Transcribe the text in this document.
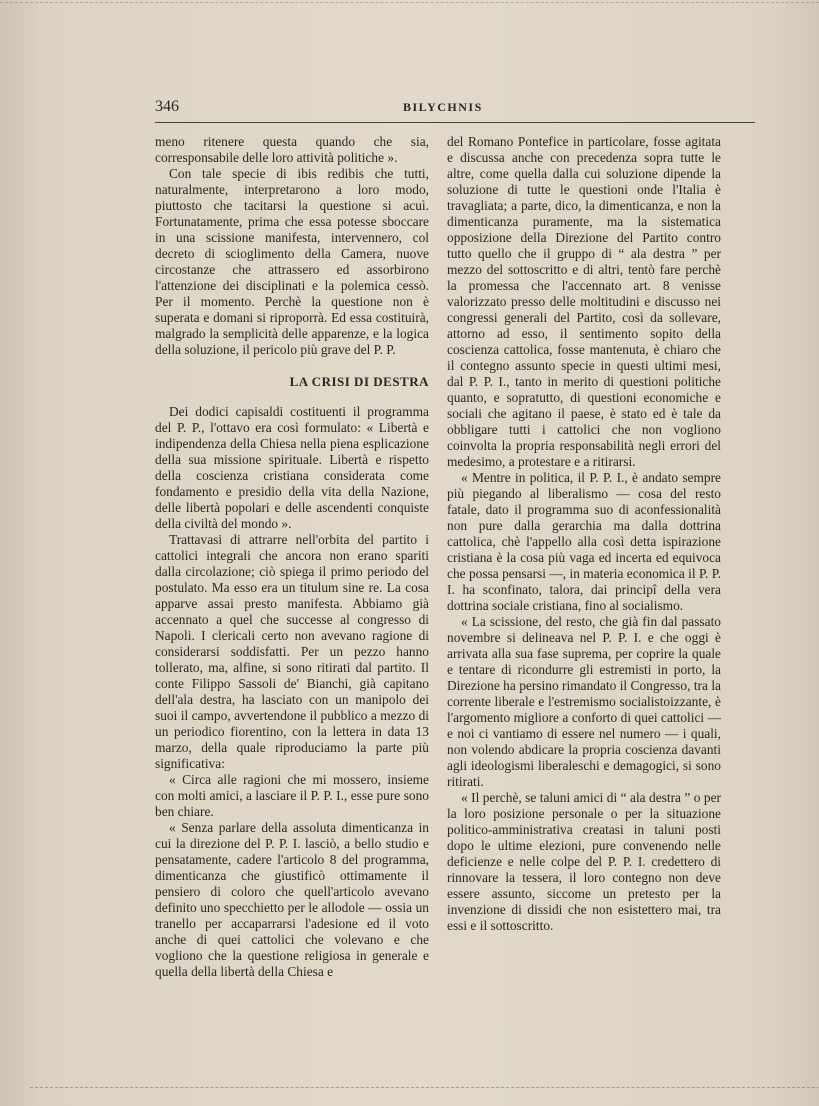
346	BILYCHNIS

meno ritenere questa quando che sia, corresponsabile delle loro attività politiche ».

Con tale specie di ibis redibis che tutti, naturalmente, interpretarono a loro modo, piuttosto che tacitarsi la questione si acuì. Fortunatamente, prima che essa potesse sboccare in una scissione manifesta, intervennero, col decreto di scioglimento della Camera, nuove circostanze che attrassero ed assorbirono l'attenzione dei disciplinati e la polemica cessò. Per il momento. Perchè la questione non è superata e domani si riproporrà. Ed essa costituirà, malgrado la semplicità delle apparenze, e la logica della soluzione, il pericolo più grave del P. P.

LA CRISI DI DESTRA

Dei dodici capisaldi costituenti il programma del P. P., l'ottavo era così formulato: « Libertà e indipendenza della Chiesa nella piena esplicazione della sua missione spirituale. Libertà e rispetto della coscienza cristiana considerata come fondamento e presidio della vita della Nazione, delle libertà popolari e delle ascendenti conquiste della civiltà del mondo ».

Trattavasi di attrarre nell'orbita del partito i cattolici integrali che ancora non erano spariti dalla circolazione; ciò spiega il primo periodo del postulato. Ma esso era un titulum sine re. La cosa apparve assai presto manifesta. Abbiamo già accennato a quel che successe al congresso di Napoli. I clericali certo non avevano ragione di considerarsi soddisfatti. Per un pezzo hanno tollerato, ma, alfine, si sono ritirati dal partito. Il conte Filippo Sassoli de' Bianchi, già capitano dell'ala destra, ha lasciato con un manipolo dei suoi il campo, avvertendone il pubblico a mezzo di un periodico fiorentino, con la lettera in data 13 marzo, della quale riproduciamo la parte più significativa:

« Circa alle ragioni che mi mossero, insieme con molti amici, a lasciare il P. P. I., esse pure sono ben chiare.

« Senza parlare della assoluta dimenticanza in cui la direzione del P. P. I. lasciò, a bello studio e pensatamente, cadere l'articolo 8 del programma, dimenticanza che giustificò ottimamente il pensiero di coloro che quell'articolo avevano definito uno specchietto per le allodole — ossia un tranello per accaparrarsi l'adesione ed il voto anche di quei cattolici che volevano e che vogliono che la questione religiosa in generale e quella della libertà della Chiesa e

del Romano Pontefice in particolare, fosse agitata e discussa anche con precedenza sopra tutte le altre, come quella dalla cui soluzione dipende la soluzione di tutte le questioni onde l'Italia è travagliata; a parte, dico, la dimenticanza, e non la dimenticanza puramente, ma la sistematica opposizione della Direzione del Partito contro tutto quello che il gruppo di “ ala destra ” per mezzo del sottoscritto e di altri, tentò fare perchè la promessa che l'accennato art. 8 venisse valorizzato presso delle moltitudini e discusso nei congressi generali del Partito, così da sollevare, attorno ad esso, il sentimento sopito della coscienza cattolica, fosse mantenuta, è chiaro che il contegno assunto specie in questi ultimi mesi, dal P. P. I., tanto in merito di questioni politiche quanto, e sopratutto, di questioni economiche e sociali che agitano il paese, è stato ed è tale da obbligare tutti i cattolici che non vogliono coinvolta la propria responsabilità negli errori del medesimo, a protestare e a ritirarsi.

« Mentre in politica, il P. P. I., è andato sempre più piegando al liberalismo — cosa del resto fatale, dato il programma suo di aconfessionalità non pure dalla gerarchia ma dalla dottrina cattolica, chè l'appello alla così detta ispirazione cristiana è la cosa più vaga ed incerta ed equivoca che possa pensarsi —, in materia economica il P. P. I. ha sconfinato, talora, dai principî della vera dottrina sociale cristiana, fino al socialismo.

« La scissione, del resto, che già fin dal passato novembre si delineava nel P. P. I. e che oggi è arrivata alla sua fase suprema, per coprire la quale e tentare di ricondurre gli estremisti in porto, la Direzione ha persino rimandato il Congresso, tra la corrente liberale e l'estremismo socialistoizzante, è l'argomento migliore a conforto di quei cattolici — e noi ci vantiamo di essere nel numero — i quali, non volendo abdicare la propria coscienza davanti agli ideologismi liberaleschi e demagogici, si sono ritirati.

« Il perchè, se taluni amici di “ ala destra ” o per la loro posizione personale o per la situazione politico-amministrativa creatasi in taluni posti dopo le ultime elezioni, pure convenendo nelle deficienze e nelle colpe del P. P. I. credettero di rinnovare la tessera, il loro contegno non deve essere assunto, siccome un pretesto per la invenzione di dissidi che non esistettero mai, tra essi e il sottoscritto.
